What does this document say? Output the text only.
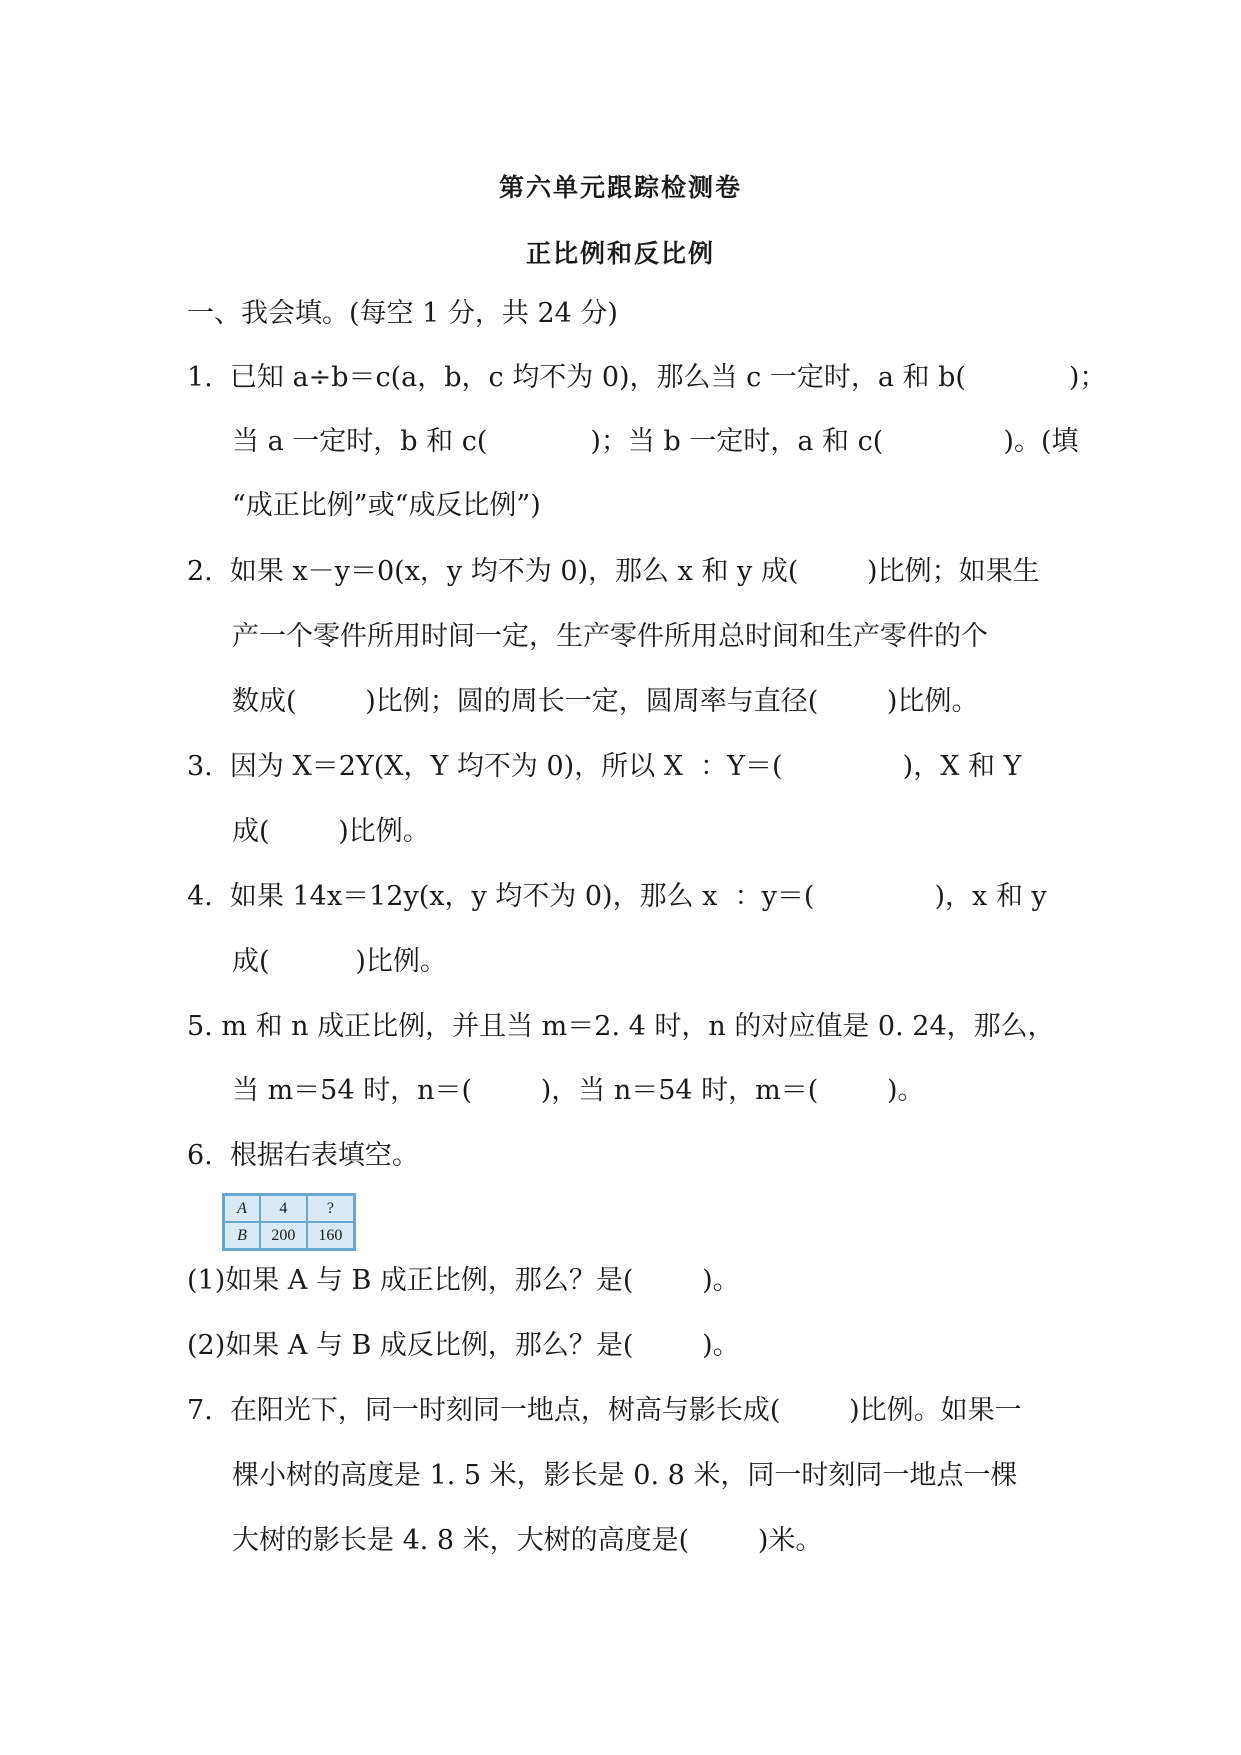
第六单元跟踪检测卷
正比例和反比例
一、我会填。(每空 1 分，共 24 分)
1.  已知 a÷b＝c(a，b，c 均不为 0)，那么当 c 一定时，a 和 b(            )；
当 a 一定时，b 和 c(            )；当 b 一定时，a 和 c(              )。(填
“成正比例”或“成反比例”)
2.  如果 x－y＝0(x，y 均不为 0)，那么 x 和 y 成(        )比例；如果生
产一个零件所用时间一定，生产零件所用总时间和生产零件的个
数成(        )比例；圆的周长一定，圆周率与直径(        )比例。
3.  因为 X＝2Y(X，Y 均不为 0)，所以 X  ：Y＝(              )，X 和 Y
成(        )比例。
4.  如果 14x＝12y(x，y 均不为 0)，那么 x  ：y＝(              )，x 和 y
成(          )比例。
5. m 和 n 成正比例，并且当 m＝2. 4 时，n 的对应值是 0. 24，那么，
当 m＝54 时，n＝(        )，当 n＝54 时，m＝(        )。
6.  根据右表填空。
A	4	?
B	200	160
(1)如果 A 与 B 成正比例，那么？是(        )。
(2)如果 A 与 B 成反比例，那么？是(        )。
7.  在阳光下，同一时刻同一地点，树高与影长成(        )比例。如果一
棵小树的高度是 1. 5 米，影长是 0. 8 米，同一时刻同一地点一棵
大树的影长是 4. 8 米，大树的高度是(        )米。
